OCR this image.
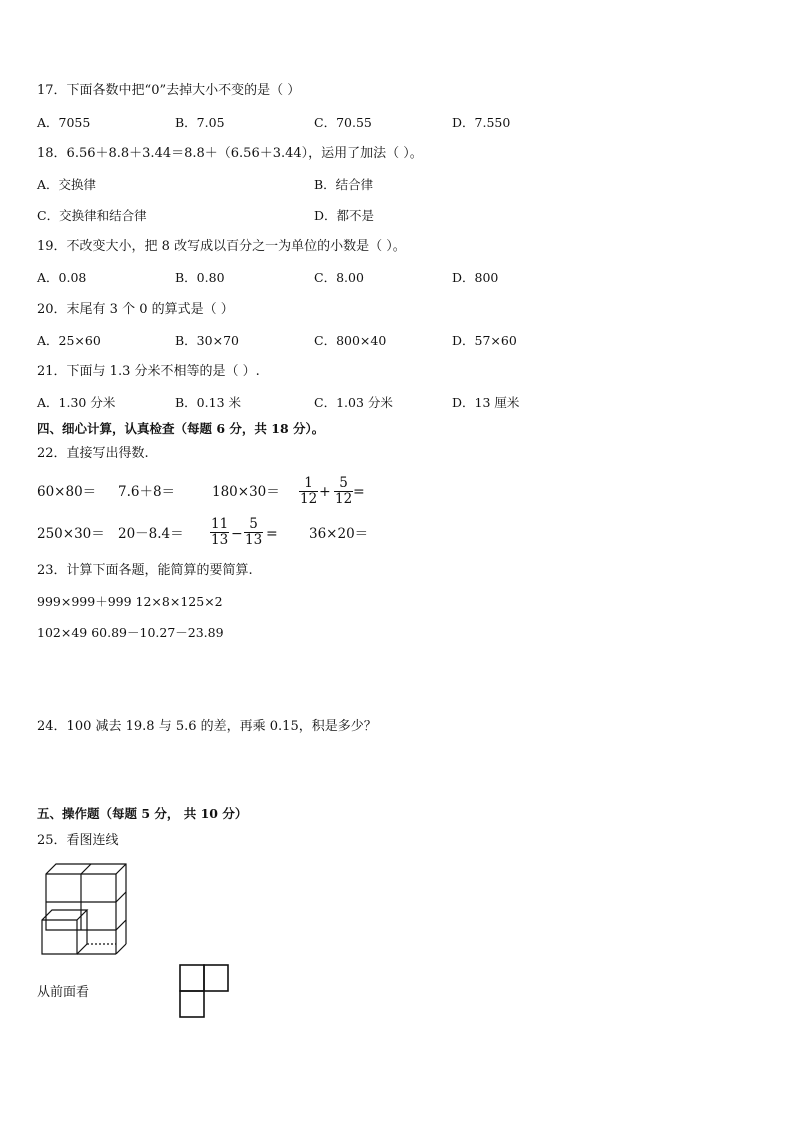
17．下面各数中把“0”去掉大小不变的是（ ）
A．7055	B．7.05	C．70.55	D．7.550
18．6.56＋8.8＋3.44＝8.8＋（6.56＋3.44），运用了加法（ ）。
A．交换律	B．结合律
C．交换律和结合律	D．都不是
19．不改变大小，把 8 改写成以百分之一为单位的小数是（ ）。
A．0.08	B．0.80	C．8.00	D．800
20．末尾有 3 个 0 的算式是（ ）
A．25×60	B．30×70	C．800×40	D．57×60
21．下面与 1.3 分米不相等的是（ ）.
A．1.30 分米	B．0.13 米	C．1.03 分米	D．13 厘米
四、细心计算，认真检查（每题 6 分，共 18 分）。
22．直接写出得数.
60×80＝ 7.6＋8＝	180×30＝
1
12 +
5
12 =
250×30＝ 20－8.4＝
11
13 −
5
13 = 36×20＝
23．计算下面各题，能简算的要简算.
999×999＋999 12×8×125×2
102×49 60.89－10.27－23.89
24．100 减去 19.8 与 5.6 的差，再乘 0.15，积是多少？
五、操作题（每题 5 分， 共 10 分）
25．看图连线
从前面看
